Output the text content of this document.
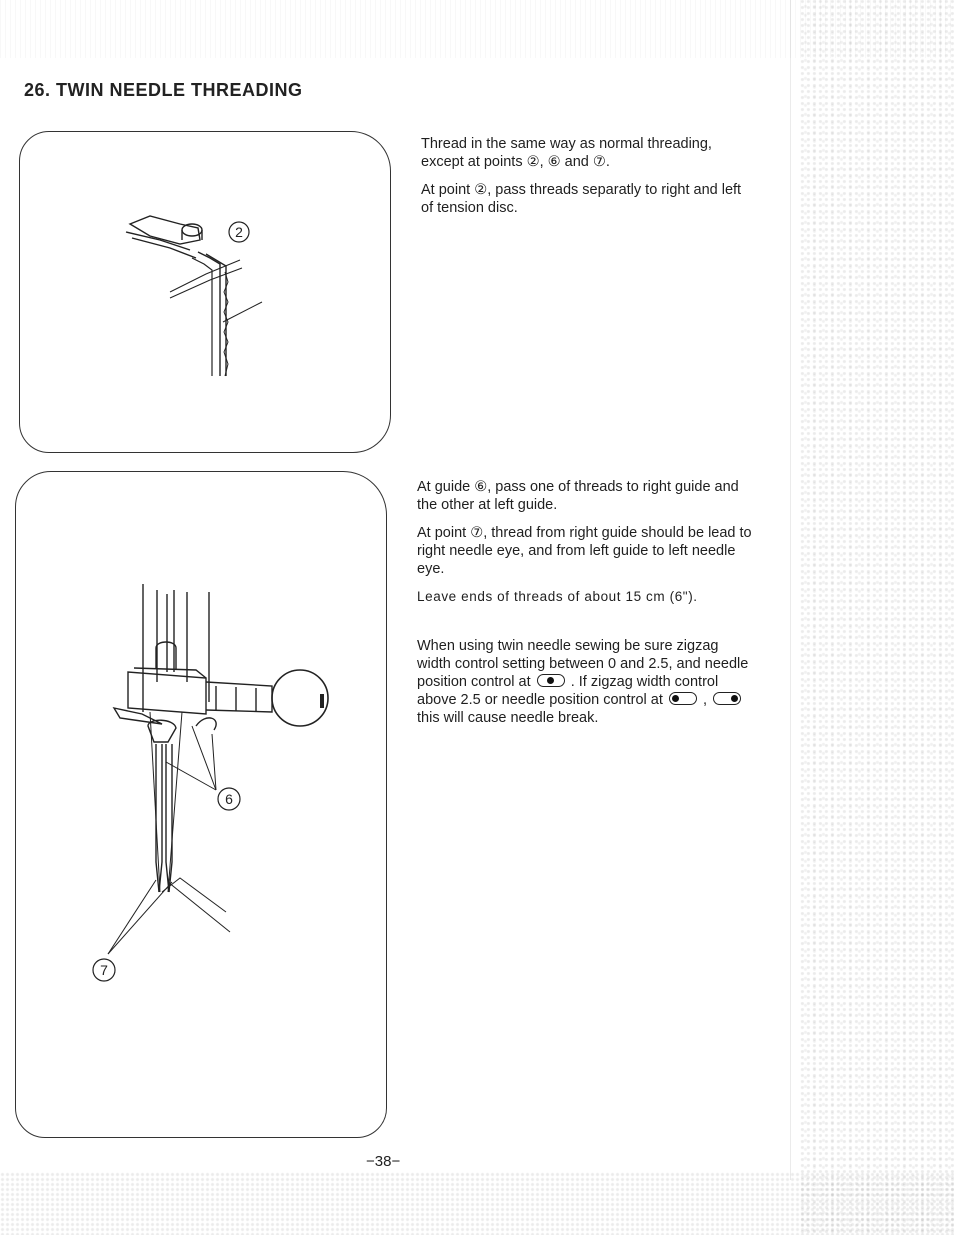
26. TWIN NEEDLE THREADING
2
6
7

Thread in the same way as normal threading, except at points ②, ⑥ and ⑦.

At point ②, pass threads separatly to right and left of tension disc.

At guide ⑥, pass one of threads to right guide and the other at left guide.

At point ⑦, thread from right guide should be lead to right needle eye, and from left guide to left needle eye.

Leave ends of threads of about 15 cm (6").

When using twin needle sewing be sure zigzag width control setting between 0 and 2.5, and needle position control at	. If zigzag width control above 2.5 or needle position control at	,
this will cause needle break.

−38−
